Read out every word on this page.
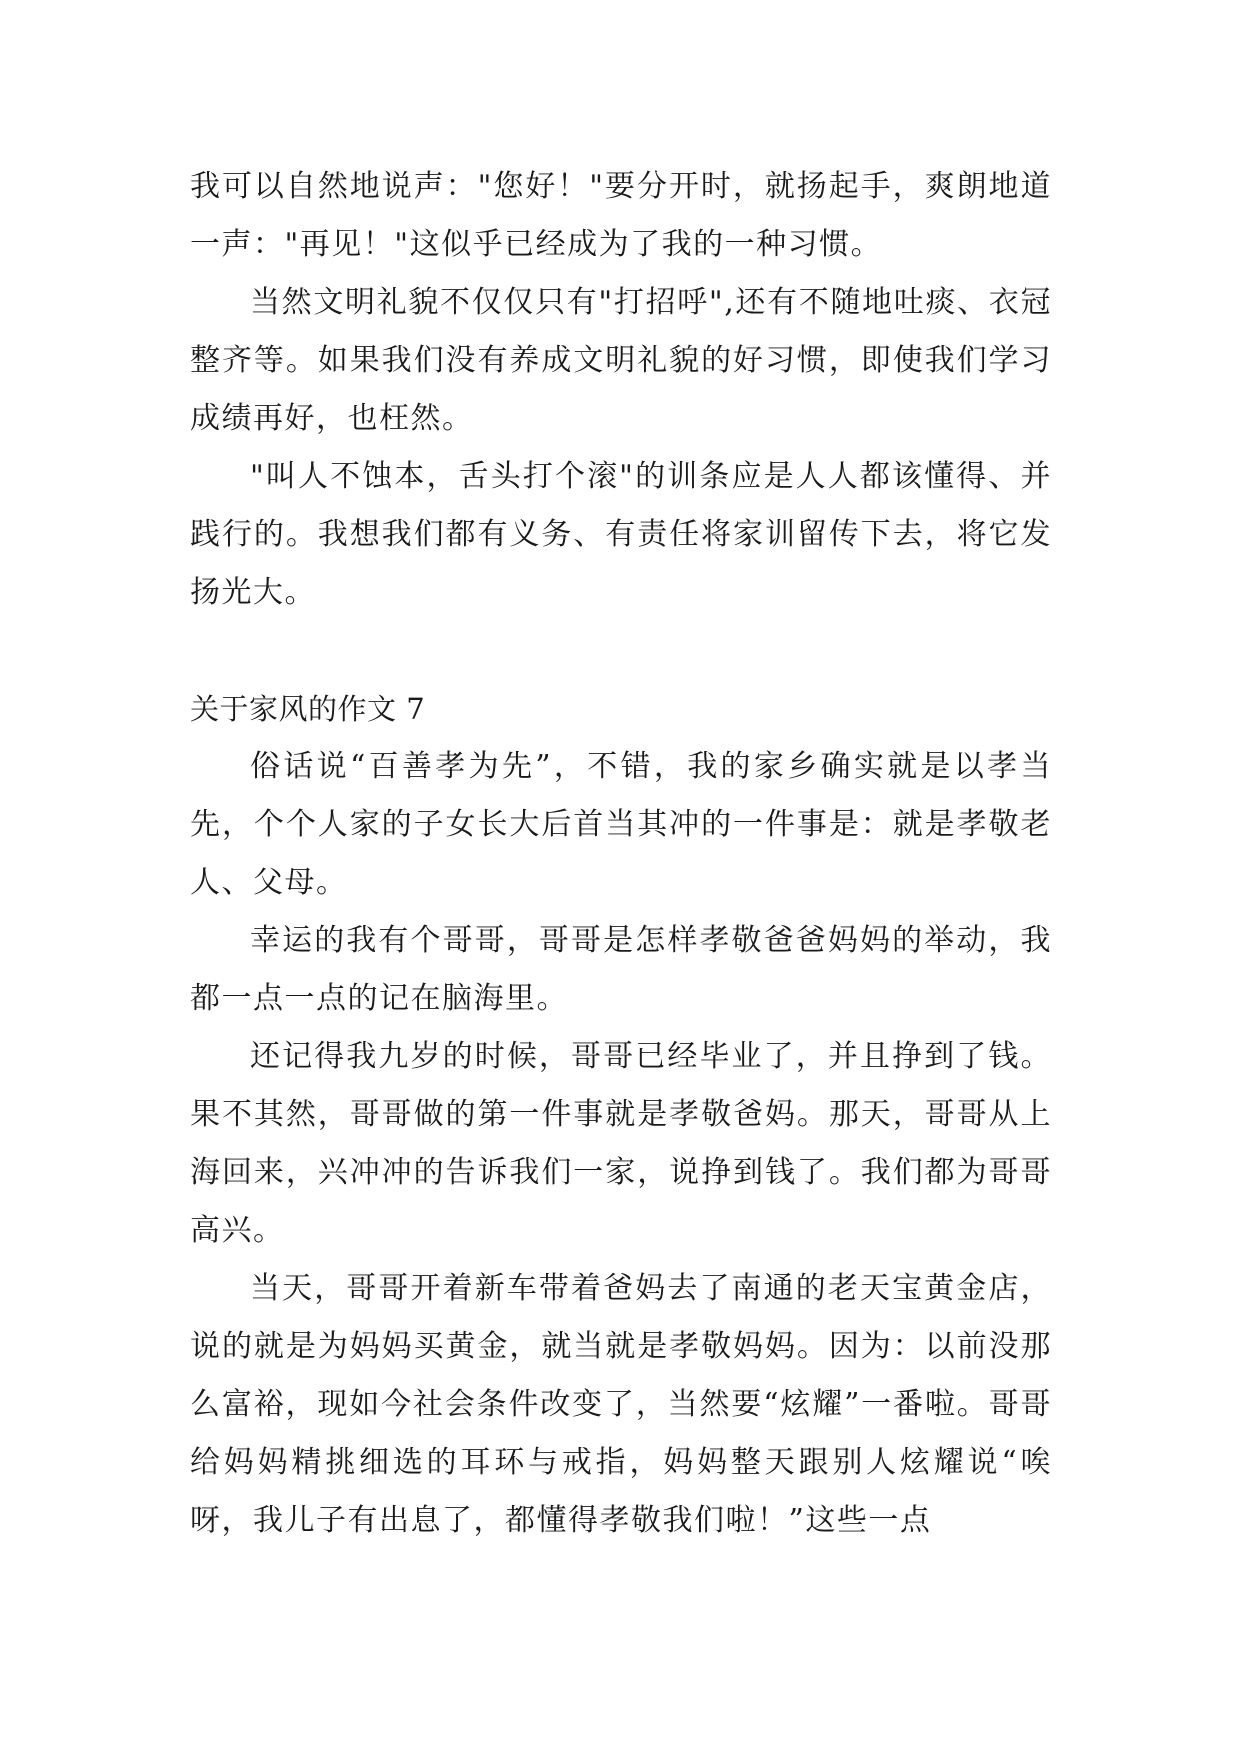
我可以自然地说声："您好！"要分开时，就扬起手，爽朗地道一声："再见！"这似乎已经成为了我的一种习惯。

当然文明礼貌不仅仅只有"打招呼",还有不随地吐痰、衣冠整齐等。如果我们没有养成文明礼貌的好习惯，即使我们学习成绩再好，也枉然。

"叫人不蚀本，舌头打个滚"的训条应是人人都该懂得、并践行的。我想我们都有义务、有责任将家训留传下去，将它发扬光大。

关于家风的作文 7

俗话说“百善孝为先”，不错，我的家乡确实就是以孝当先，个个人家的子女长大后首当其冲的一件事是：就是孝敬老人、父母。

幸运的我有个哥哥，哥哥是怎样孝敬爸爸妈妈的举动，我都一点一点的记在脑海里。

还记得我九岁的时候，哥哥已经毕业了，并且挣到了钱。果不其然，哥哥做的第一件事就是孝敬爸妈。那天，哥哥从上海回来，兴冲冲的告诉我们一家，说挣到钱了。我们都为哥哥高兴。

当天，哥哥开着新车带着爸妈去了南通的老天宝黄金店，说的就是为妈妈买黄金，就当就是孝敬妈妈。因为：以前没那么富裕，现如今社会条件改变了，当然要“炫耀”一番啦。哥哥给妈妈精挑细选的耳环与戒指，妈妈整天跟别人炫耀说“唉呀，我儿子有出息了，都懂得孝敬我们啦！”这些一点
